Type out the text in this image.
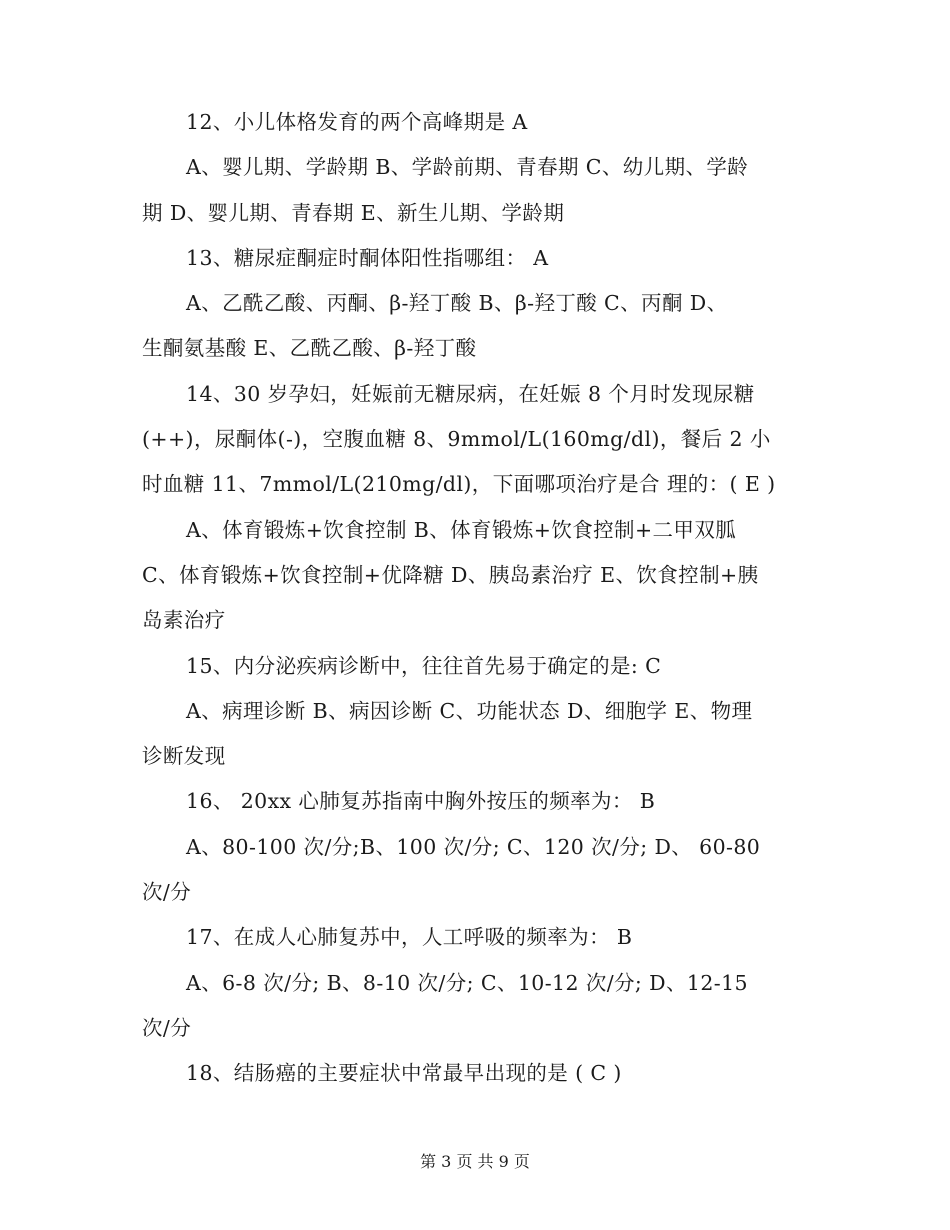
12、小儿体格发育的两个高峰期是 A
A、婴儿期、学龄期 B、学龄前期、青春期 C、幼儿期、学龄
期 D、婴儿期、青春期 E、新生儿期、学龄期
13、糖尿症酮症时酮体阳性指哪组： A
A、乙酰乙酸、丙酮、β-羟丁酸 B、β-羟丁酸 C、丙酮 D、
生酮氨基酸 E、乙酰乙酸、β-羟丁酸
14、30 岁孕妇，妊娠前无糖尿病，在妊娠 8 个月时发现尿糖
(++)，尿酮体(-)，空腹血糖 8、9mmol/L(160mg/dl)，餐后 2 小
时血糖 11、7mmol/L(210mg/dl)，下面哪项治疗是合 理的：( E )
A、体育锻炼+饮食控制 B、体育锻炼+饮食控制+二甲双胍
C、体育锻炼+饮食控制+优降糖 D、胰岛素治疗 E、饮食控制+胰
岛素治疗
15、内分泌疾病诊断中，往往首先易于确定的是: C
A、病理诊断 B、病因诊断 C、功能状态 D、细胞学 E、物理
诊断发现
16、 20xx 心肺复苏指南中胸外按压的频率为： B
A、80-100 次/分;B、100 次/分; C、120 次/分; D、 60-80
次/分
17、在成人心肺复苏中，人工呼吸的频率为： B
A、6-8 次/分; B、8-10 次/分; C、10-12 次/分; D、12-15
次/分
18、结肠癌的主要症状中常最早出现的是 ( C )
第 3 页 共 9 页
